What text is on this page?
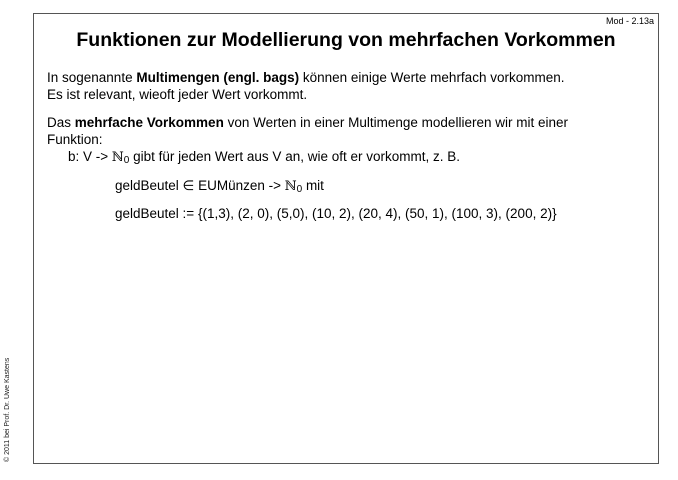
Mod - 2.13a
Funktionen zur Modellierung von mehrfachen Vorkommen
In sogenannte Multimengen (engl. bags) können einige Werte mehrfach vorkommen.
Es ist relevant, wieoft jeder Wert vorkommt.
Das mehrfache Vorkommen von Werten in einer Multimenge modellieren wir mit einer
Funktion:
b: V -> ℕ0 gibt für jeden Wert aus V an, wie oft er vorkommt, z. B.
geldBeutel ∈ EUMünzen -> ℕ0 mit
geldBeutel := {(1,3), (2, 0), (5,0), (10, 2), (20, 4), (50, 1), (100, 3), (200, 2)}
© 2011 bei Prof. Dr. Uwe Kastens
